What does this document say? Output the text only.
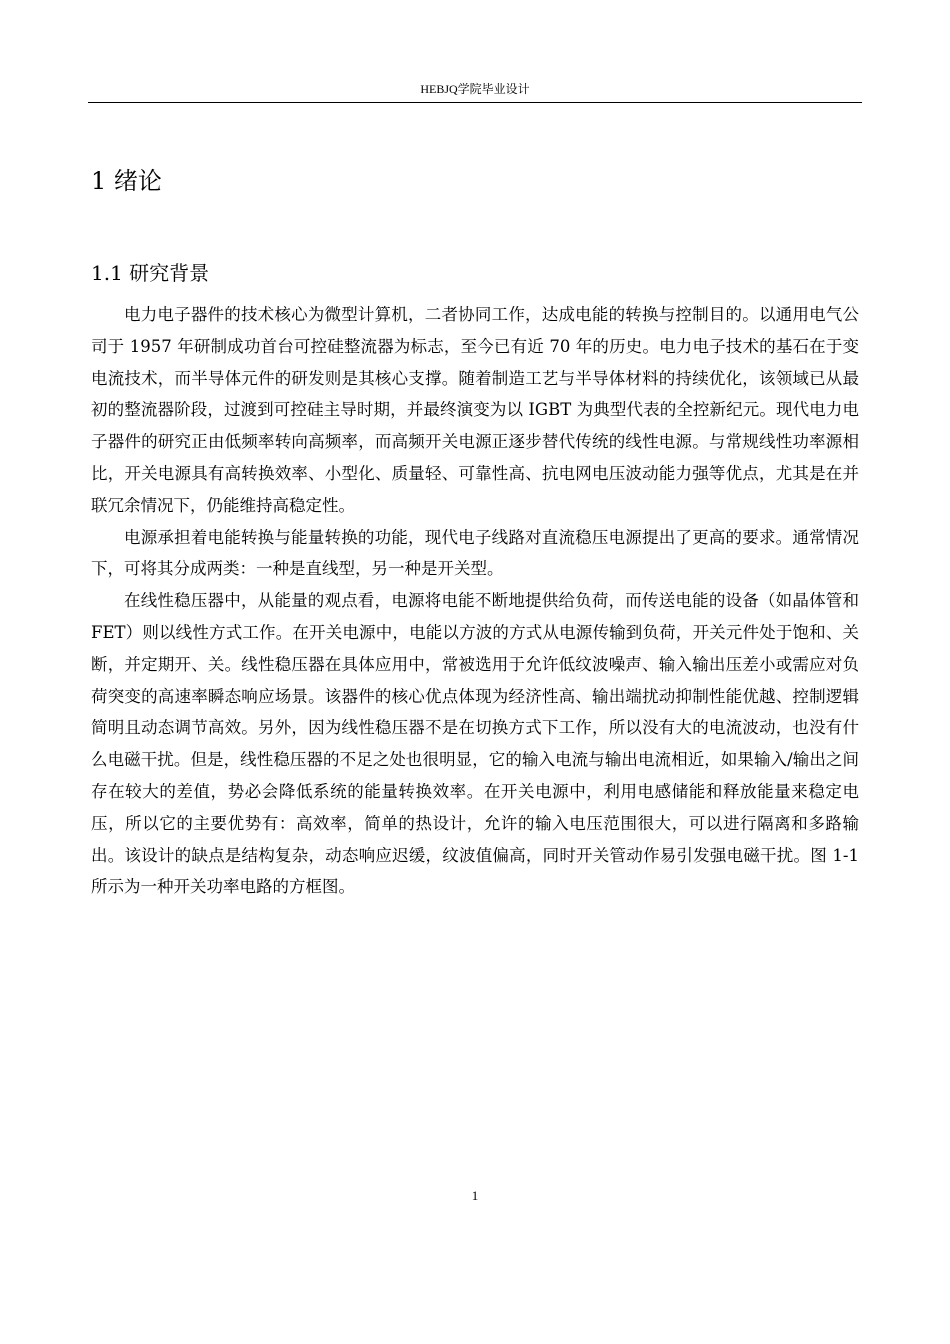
HEBJQ学院毕业设计
1 绪论
1.1 研究背景

电力电子器件的技术核心为微型计算机，二者协同工作，达成电能的转换与控制目的。以通用电气公司于 1957 年研制成功首台可控硅整流器为标志，至今已有近 70 年的历史。电力电子技术的基石在于变电流技术，而半导体元件的研发则是其核心支撑。随着制造工艺与半导体材料的持续优化，该领域已从最初的整流器阶段，过渡到可控硅主导时期，并最终演变为以 IGBT 为典型代表的全控新纪元。现代电力电子器件的研究正由低频率转向高频率，而高频开关电源正逐步替代传统的线性电源。与常规线性功率源相比，开关电源具有高转换效率、小型化、质量轻、可靠性高、抗电网电压波动能力强等优点，尤其是在并联冗余情况下，仍能维持高稳定性。

电源承担着电能转换与能量转换的功能，现代电子线路对直流稳压电源提出了更高的要求。通常情况下，可将其分成两类：一种是直线型，另一种是开关型。

在线性稳压器中，从能量的观点看，电源将电能不断地提供给负荷，而传送电能的设备（如晶体管和 FET）则以线性方式工作。在开关电源中，电能以方波的方式从电源传输到负荷，开关元件处于饱和、关断，并定期开、关。线性稳压器在具体应用中，常被选用于允许低纹波噪声、输入输出压差小或需应对负荷突变的高速率瞬态响应场景。该器件的核心优点体现为经济性高、输出端扰动抑制性能优越、控制逻辑简明且动态调节高效。另外，因为线性稳压器不是在切换方式下工作，所以没有大的电流波动，也没有什么电磁干扰。但是，线性稳压器的不足之处也很明显，它的输入电流与输出电流相近，如果输入/输出之间存在较大的差值，势必会降低系统的能量转换效率。在开关电源中，利用电感储能和释放能量来稳定电压，所以它的主要优势有：高效率，简单的热设计，允许的输入电压范围很大，可以进行隔离和多路输出。该设计的缺点是结构复杂，动态响应迟缓，纹波值偏高，同时开关管动作易引发强电磁干扰。图 1-1 所示为一种开关功率电路的方框图。

1
